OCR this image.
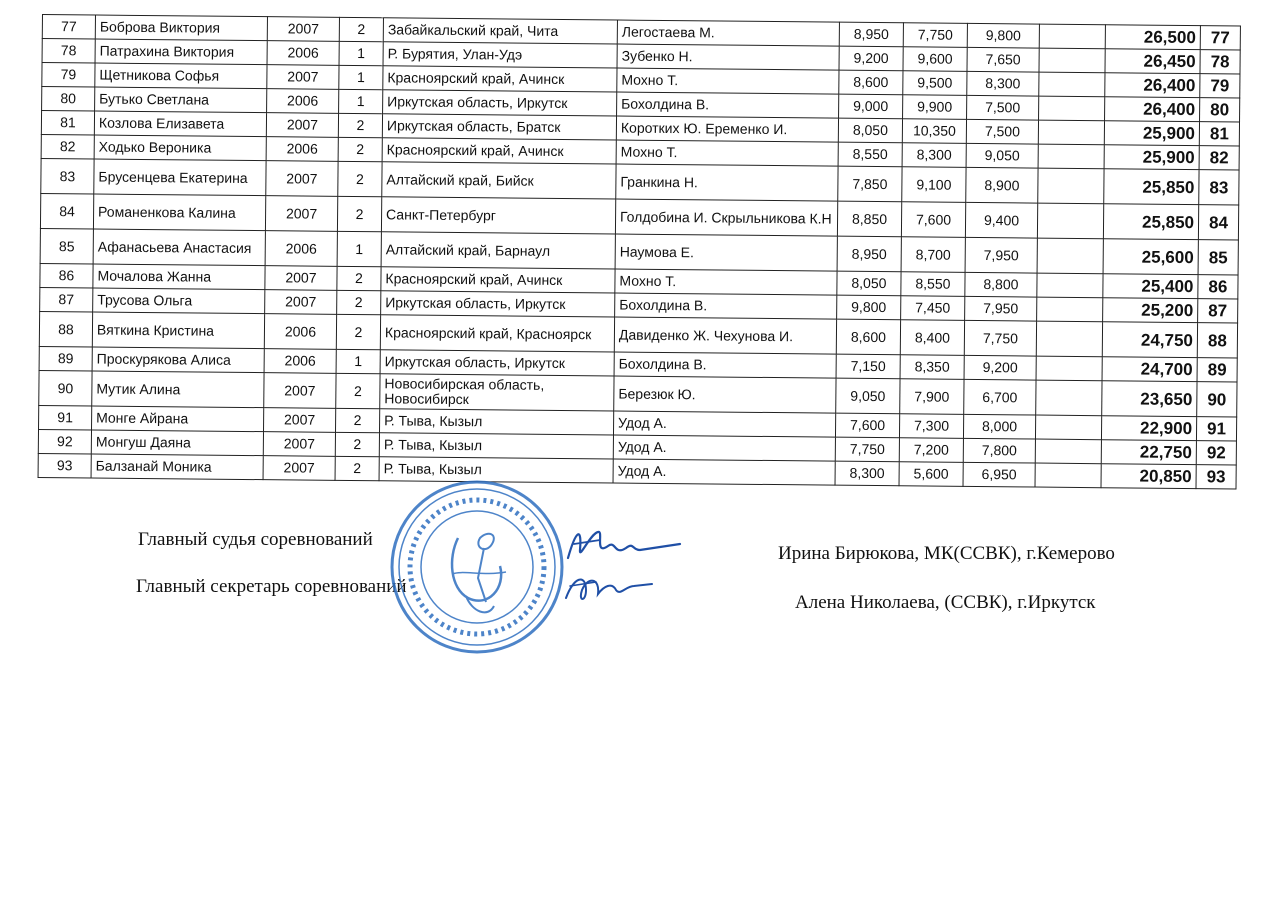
77	Боброва Виктория	2007	2	Забайкальский край, Чита	Легостаева М.	8,950	7,750	9,800		26,500	77
78	Патрахина Виктория	2006	1	Р. Бурятия, Улан-Удэ	Зубенко Н.	9,200	9,600	7,650		26,450	78
79	Щетникова Софья	2007	1	Красноярский край, Ачинск	Мохно Т.	8,600	9,500	8,300		26,400	79
80	Бутько Светлана	2006	1	Иркутская область, Иркутск	Бохолдина В.	9,000	9,900	7,500		26,400	80
81	Козлова Елизавета	2007	2	Иркутская область, Братск	Коротких Ю. Еременко И.	8,050	10,350	7,500		25,900	81
82	Ходько Вероника	2006	2	Красноярский край, Ачинск	Мохно Т.	8,550	8,300	9,050		25,900	82
83	Брусенцева Екатерина	2007	2	Алтайский край, Бийск	Гранкина Н.	7,850	9,100	8,900		25,850	83
84	Романенкова Калина	2007	2	Санкт-Петербург	Голдобина И. Скрыльникова К.Н	8,850	7,600	9,400		25,850	84
85	Афанасьева Анастасия	2006	1	Алтайский край, Барнаул	Наумова Е.	8,950	8,700	7,950		25,600	85
86	Мочалова Жанна	2007	2	Красноярский край, Ачинск	Мохно Т.	8,050	8,550	8,800		25,400	86
87	Трусова Ольга	2007	2	Иркутская область, Иркутск	Бохолдина В.	9,800	7,450	7,950		25,200	87
88	Вяткина Кристина	2006	2	Красноярский край, Красноярск	Давиденко Ж. Чехунова И.	8,600	8,400	7,750		24,750	88
89	Проскурякова Алиса	2006	1	Иркутская область, Иркутск	Бохолдина В.	7,150	8,350	9,200		24,700	89
90	Мутик Алина	2007	2	Новосибирская область, Новосибирск	Березюк Ю.	9,050	7,900	6,700		23,650	90
91	Монге Айрана	2007	2	Р. Тыва, Кызыл	Удод А.	7,600	7,300	8,000		22,900	91
92	Монгуш Даяна	2007	2	Р. Тыва, Кызыл	Удод А.	7,750	7,200	7,800		22,750	92
93	Балзанай Моника	2007	2	Р. Тыва, Кызыл	Удод А.	8,300	5,600	6,950		20,850	93
Главный судья соревнований
Ирина Бирюкова, МК(ССВК), г.Кемерово
Главный секретарь соревнований
Алена Николаева, (ССВК), г.Иркутск
